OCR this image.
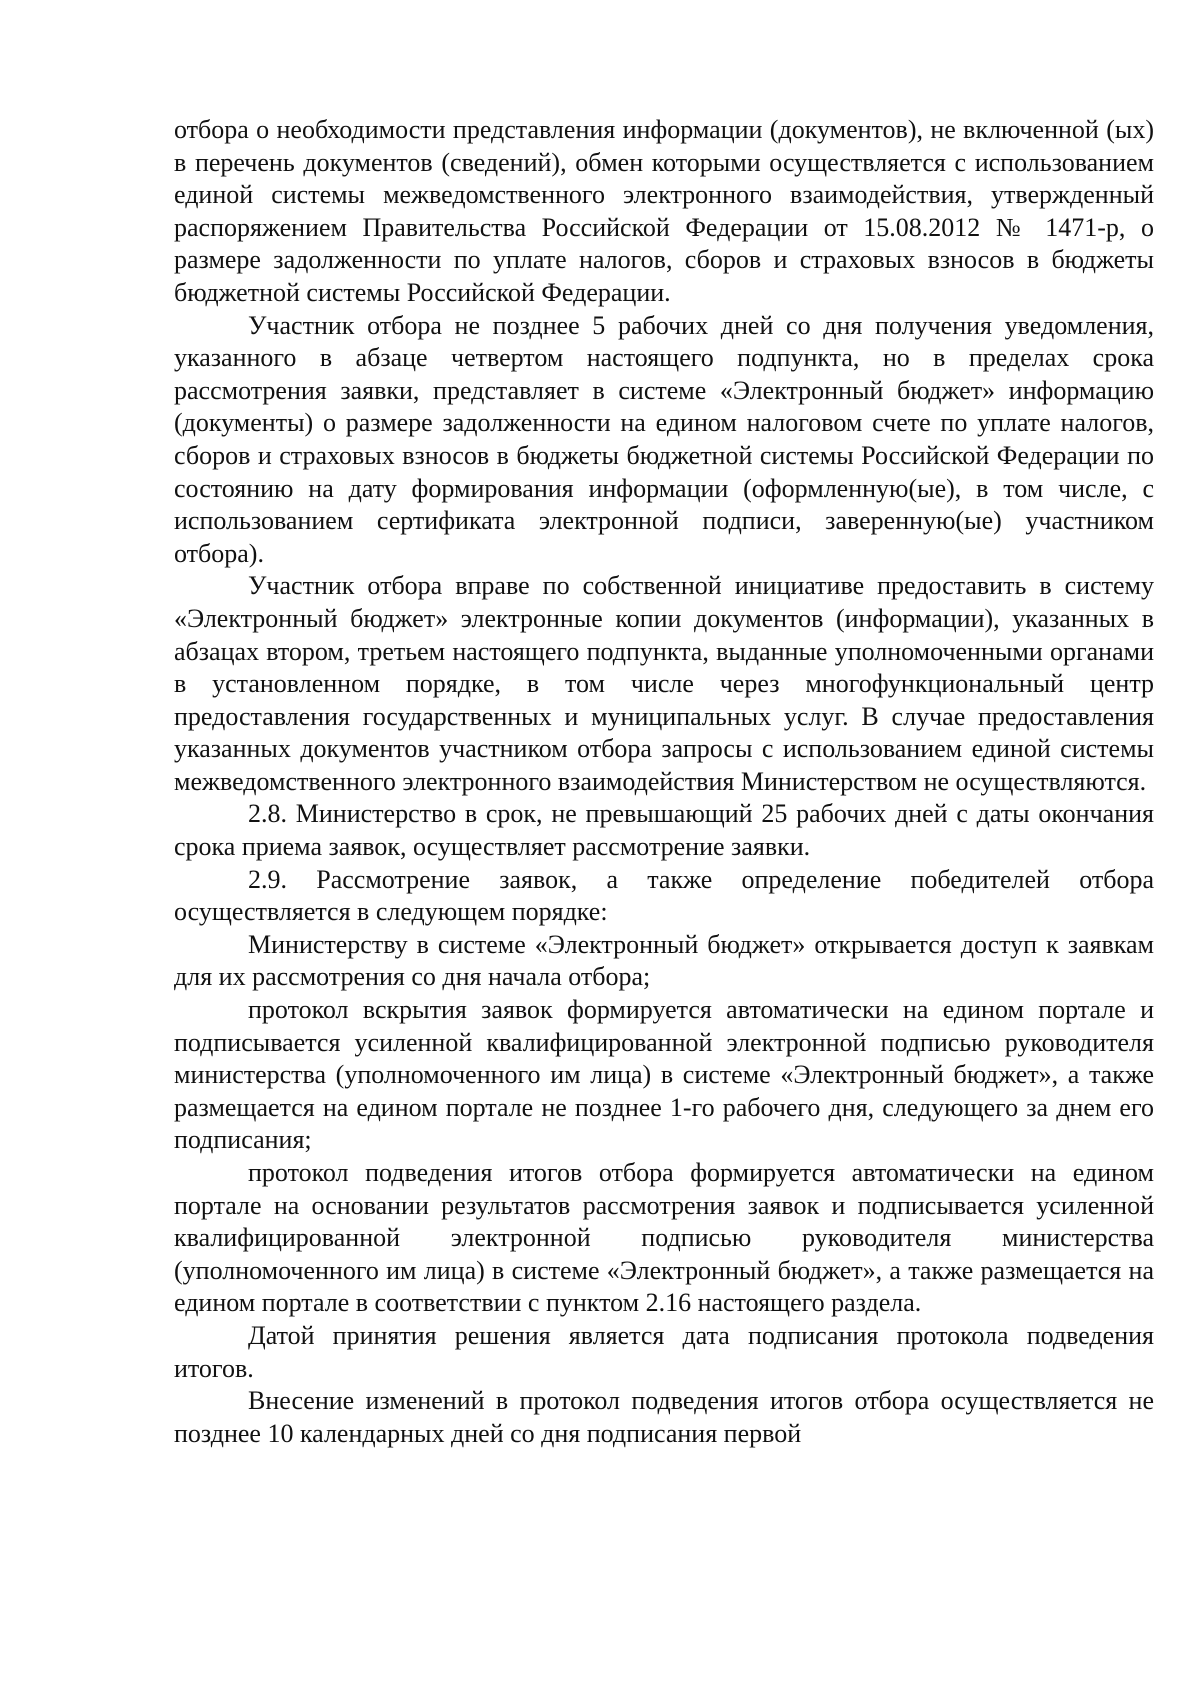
отбора о необходимости представления информации (документов), не включенной (ых) в перечень документов (сведений), обмен которыми осуществляется с использованием единой системы межведомственного электронного взаимодействия, утвержденный распоряжением Правительства Российской Федерации от 15.08.2012 № 1471-р, о размере задолженности по уплате налогов, сборов и страховых взносов в бюджеты бюджетной системы Российской Федерации.

Участник отбора не позднее 5 рабочих дней со дня получения уведомления, указанного в абзаце четвертом настоящего подпункта, но в пределах срока рассмотрения заявки, представляет в системе «Электронный бюджет» информацию (документы) о размере задолженности на едином налоговом счете по уплате налогов, сборов и страховых взносов в бюджеты бюджетной системы Российской Федерации по состоянию на дату формирования информации (оформленную(ые), в том числе, с использованием сертификата электронной подписи, заверенную(ые) участником отбора).

Участник отбора вправе по собственной инициативе предоставить в систему «Электронный бюджет» электронные копии документов (информации), указанных в абзацах втором, третьем настоящего подпункта, выданные уполномоченными органами в установленном порядке, в том числе через многофункциональный центр предоставления государственных и муниципальных услуг. В случае предоставления указанных документов участником отбора запросы с использованием единой системы межведомственного электронного взаимодействия Министерством не осуществляются.

2.8. Министерство в срок, не превышающий 25 рабочих дней с даты окончания срока приема заявок, осуществляет рассмотрение заявки.

2.9. Рассмотрение заявок, а также определение победителей отбора осуществляется в следующем порядке:

Министерству в системе «Электронный бюджет» открывается доступ к заявкам для их рассмотрения со дня начала отбора;

протокол вскрытия заявок формируется автоматически на едином портале и подписывается усиленной квалифицированной электронной подписью руководителя министерства (уполномоченного им лица) в системе «Электронный бюджет», а также размещается на едином портале не позднее 1-го рабочего дня, следующего за днем его подписания;

протокол подведения итогов отбора формируется автоматически на едином портале на основании результатов рассмотрения заявок и подписывается усиленной квалифицированной электронной подписью руководителя министерства (уполномоченного им лица) в системе «Электронный бюджет», а также размещается на едином портале в соответствии с пунктом 2.16 настоящего раздела.

Датой принятия решения является дата подписания протокола подведения итогов.

Внесение изменений в протокол подведения итогов отбора осуществляется не позднее 10 календарных дней со дня подписания первой
